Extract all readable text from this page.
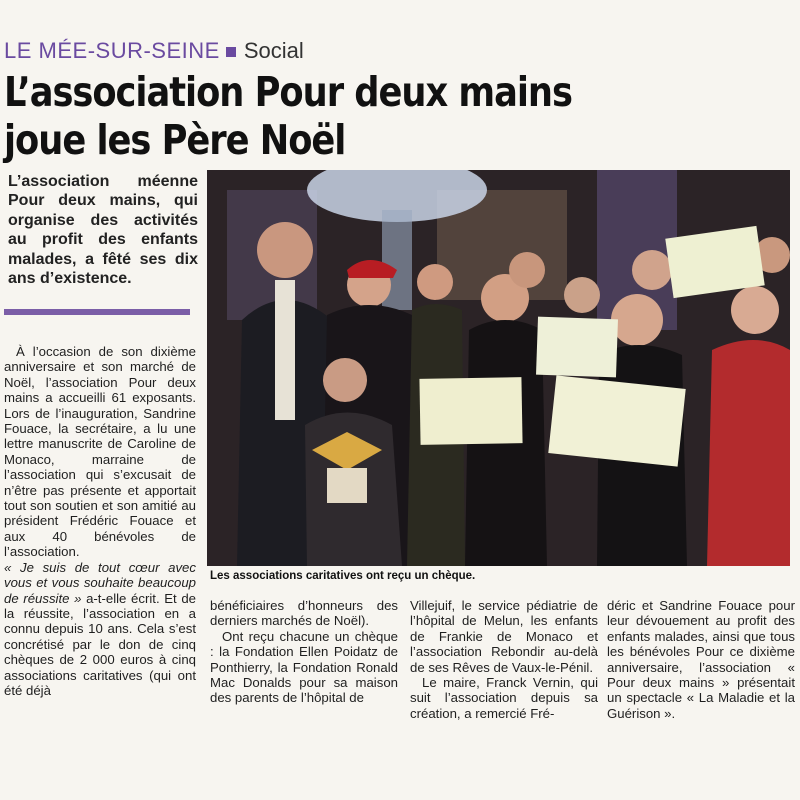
LE MÉE-SUR-SEINE Social
L’association Pour deux mains joue les Père Noël

L’association méenne Pour deux mains, qui organise des activités au profit des enfants malades, a fêté ses dix ans d’existence.

Les associations caritatives ont reçu un chèque.

À l’occasion de son dixième anniversaire et son marché de Noël, l’association Pour deux mains a accueilli 61 exposants. Lors de l’inauguration, Sandrine Fouace, la secrétaire, a lu une lettre manuscrite de Caroline de Monaco, marraine de l’association qui s’excusait de n’être pas présente et apportait tout son soutien et son amitié au président Frédéric Fouace et aux 40 bénévoles de l’association.

« Je suis de tout cœur avec vous et vous souhaite beaucoup de réussite » a-t-elle écrit. Et de la réussite, l’association en a connu depuis 10 ans. Cela s’est concrétisé par le don de cinq chèques de 2 000 euros à cinq associations caritatives (qui ont été déjà

bénéficiaires d’honneurs des derniers marchés de Noël).

Ont reçu chacune un chèque : la Fondation Ellen Poidatz de Ponthierry, la Fondation Ronald Mac Donalds pour sa maison des parents de l’hôpital de

Villejuif, le service pédiatrie de l’hôpital de Melun, les enfants de Frankie de Monaco et l’association Rebondir au-delà de ses Rêves de Vaux-le-Pénil.

Le maire, Franck Vernin, qui suit l’association depuis sa création, a remercié Fré-

déric et Sandrine Fouace pour leur dévouement au profit des enfants malades, ainsi que tous les bénévoles Pour ce dixième anniversaire, l’association « Pour deux mains » présentait un spectacle « La Maladie et la Guérison ».
